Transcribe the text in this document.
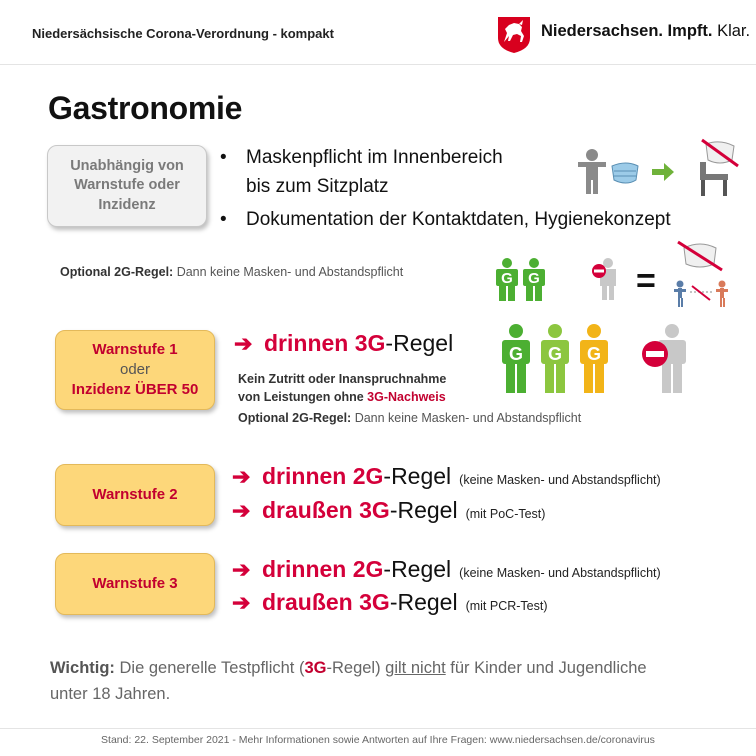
Niedersächsische Corona-Verordnung - kompakt	Niedersachsen. Impft. Klar.
Gastronomie
Unabhängig von Warnstufe oder Inzidenz
• Maskenpflicht im Innenbereich
bis zum Sitzplatz
• Dokumentation der Kontaktdaten, Hygienekonzept
Optional 2G-Regel: Dann keine Masken- und Abstandspflicht	G G	=
Warnstufe 1
oder
Inzidenz ÜBER 50
➔ drinnen 3G -Regel
Kein Zutritt oder Inanspruchnahme
von Leistungen ohne 3G-Nachweis
Optional 2G-Regel: Dann keine Masken- und Abstandspflicht
G G G
Warnstufe 2
➔ drinnen 2G -Regel (keine Masken- und Abstandspflicht)
➔ draußen 3G -Regel (mit PoC-Test)
Warnstufe 3
➔ drinnen 2G -Regel (keine Masken- und Abstandspflicht)
➔ draußen 3G -Regel (mit PCR-Test)
Wichtig: Die generelle Testpflicht (3G-Regel) gilt nicht für Kinder und Jugendliche unter 18 Jahren.
Stand: 22. September 2021 - Mehr Informationen sowie Antworten auf Ihre Fragen: www.niedersachsen.de/coronavirus
